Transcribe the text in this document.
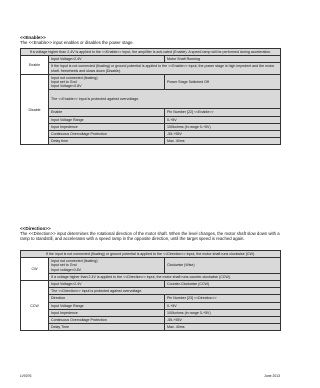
<<Enable>>
The <<Enable>> input enables or disables the power stage.
If a voltage higher than 2.4V is applied to the <<Enable>> input, the amplifier is acti-vated (Enable). A speed ramp will be performed during acceleration.		
Enable	Input Voltage>2.4V	Motor Shaft Running
	If the input is not connected (floating) or ground potential is applied to the <<Enable>> input, the power stage is high impedent and the motor shaft. freewheels and slows down (Disable).	
Disable	Input not connected (floating)
Input set to Gnd
Input Voltage<0.8V	Power Stage Switched Off
	The <<Enable>> input is protected against overvoltage.	
	Enable	Pin Number [22] <<Enable>>
	Input Voltage Range	0-+5V
	Input Impedence	100kohms (in range 0-+5V)
	Continuous Overvoltage Protection	-55-+55V
	Delay time	Max. 40ms
<<Direction>>
The <<Direction>> input determines the rotational direction of the motor shaft. When the level changes, the motor shaft slow down with a ramp to standstill, and accelerates with a speed ramp in the opposite direction, until the target speed is reached again.
If the input is not connected (floating) or ground potential is applied to the <<Direction>> input, the motor shaft runs clockwise (CW).		
CW	Input not connected (floating)
Input set to Gnd
Input voltage<0.8V	Clockwise (Wise)
	If a voltage higher than 2.4V is applied to the <<Direction>> input, the motor shaft runs counter-clockwise (CCW).	
CCW	Input Voltage>2.4V	Counter-Clockwise (CCW)
	The <<Direction>> input is protected against overvoltage.	
	Direction	Pin Number [23] <<Direction>>
	Input Voltage Range	0-+5V
	Input Impedence	100kohms (in range 0-+5V)
	Continuous Overvoltage Protection	-55-+55V
	Delay Time	Max. 40ms
LV0076	June 2013
